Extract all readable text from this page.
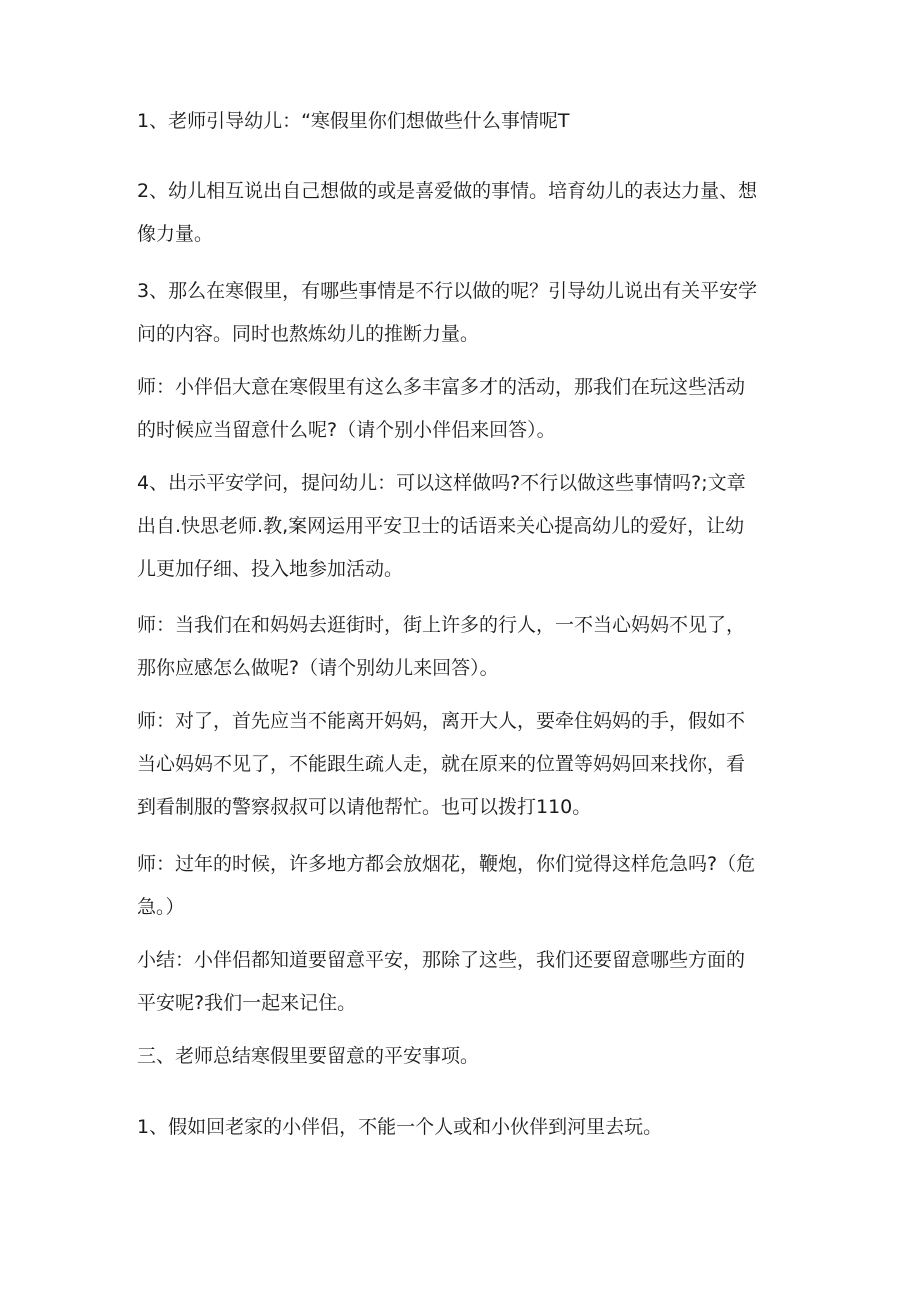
1、老师引导幼儿：“寒假里你们想做些什么事情呢T

2、幼儿相互说出自己想做的或是喜爱做的事情。培育幼儿的表达力量、想
像力量。

3、那么在寒假里，有哪些事情是不行以做的呢？引导幼儿说出有关平安学
问的内容。同时也熬炼幼儿的推断力量。

师：小伴侣大意在寒假里有这么多丰富多才的活动，那我们在玩这些活动
的时候应当留意什么呢?（请个别小伴侣来回答）。

4、出示平安学问，提问幼儿：可以这样做吗?不行以做这些事情吗?;文章
出自.快思老师.教,案网运用平安卫士的话语来关心提高幼儿的爱好，让幼
儿更加仔细、投入地参加活动。

师：当我们在和妈妈去逛街时，街上许多的行人，一不当心妈妈不见了，
那你应感怎么做呢?（请个别幼儿来回答）。

师：对了，首先应当不能离开妈妈，离开大人，要牵住妈妈的手，假如不
当心妈妈不见了，不能跟生疏人走，就在原来的位置等妈妈回来找你，看
到看制服的警察叔叔可以请他帮忙。也可以拨打110。

师：过年的时候，许多地方都会放烟花，鞭炮，你们觉得这样危急吗?（危
急。）

小结：小伴侣都知道要留意平安，那除了这些，我们还要留意哪些方面的
平安呢?我们一起来记住。

三、老师总结寒假里要留意的平安事项。

1、假如回老家的小伴侣，不能一个人或和小伙伴到河里去玩。
